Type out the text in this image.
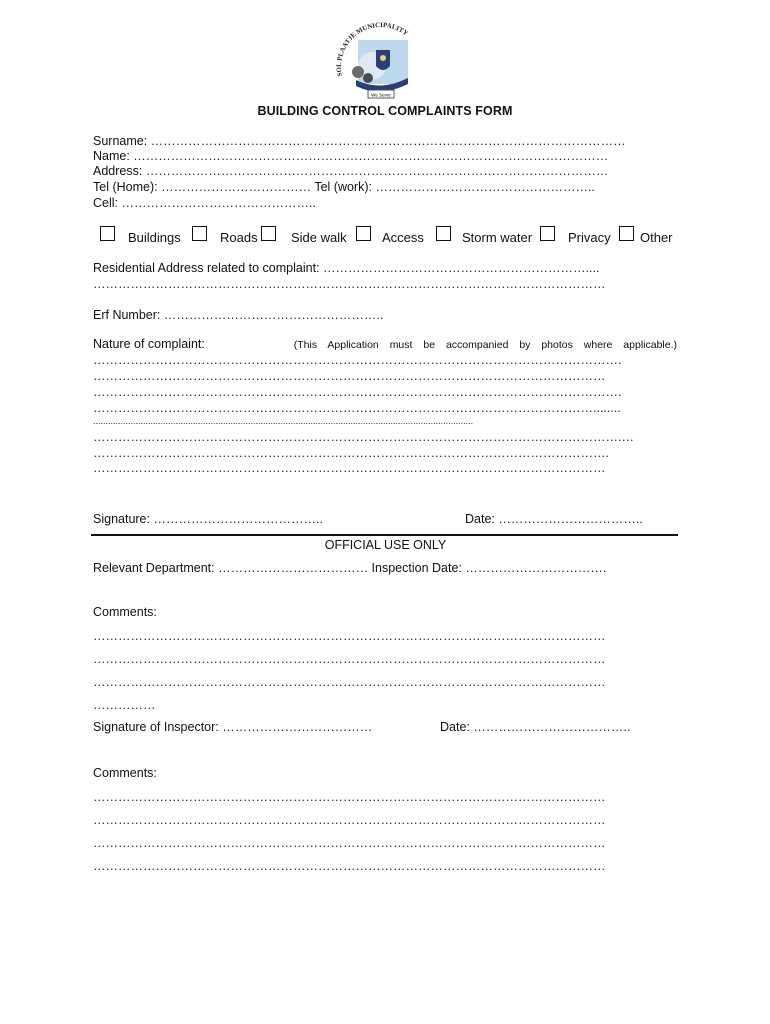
We Serve
SOL PLAATJE MUNICIPALITY
BUILDING CONTROL COMPLAINTS FORM
Surname: ……………………………………………………………………………………………………
Name: ……………………………………………………………………………………………………
Address: …………………………………………………………………………………………………
Tel (Home): ……………………………… Tel (work): ……………………………………………..
Cell: ………………………………………..
Buildings	Roads	Side walk	Access	Storm water	Privacy Other
Residential Address related to complaint: ………………………………………………………....
……………………………………………………………………………………………………………
Erf Number: ……………………………………………..
Nature of complaint:	(This Application must be accompanied by photos where applicable.)
……………………………………………………………………………………………………………….
……………………………………………………………………………………………………………
……………………………………………………………………………………………………………….
…………………………………………………………………………………………………………........
........................................................................................................................................................
……………………………………………………………………………………………………………….…
…………………………………………………………………………………………………………….
……………………………………………………………………………………………………………
Signature: …………………………………..	Date: ……………………………..
OFFICIAL USE ONLY
Relevant Department: ……………………………… Inspection Date: …………………………….
Comments:
……………………………………………………………………………………………………………
……………………………………………………………………………………………………………
……………………………………………………………………………………………………………
……………
Signature of Inspector: ………………………………	Date: ………………………………..
Comments:
……………………………………………………………………………………………………………
……………………………………………………………………………………………………………
……………………………………………………………………………………………………………
……………………………………………………………………………………………………………
